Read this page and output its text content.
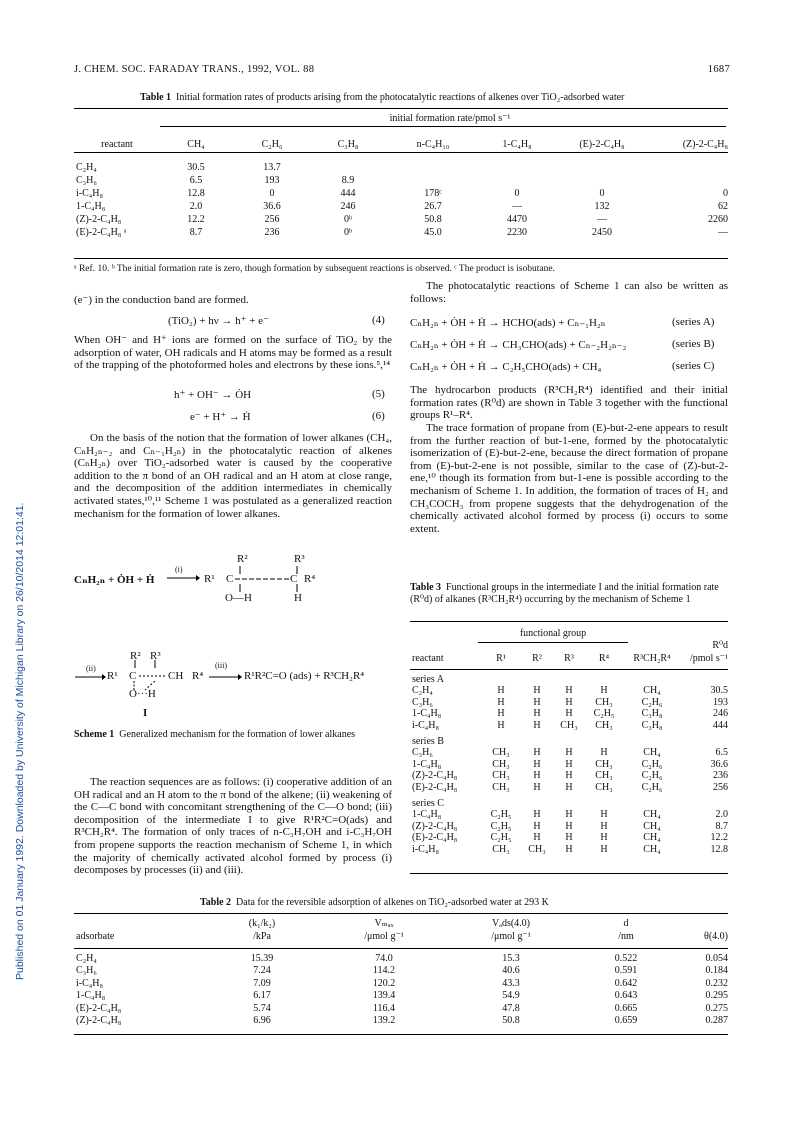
Published on 01 January 1992. Downloaded by University of Michigan Library on 26/10/2014 12:01:41.
J. CHEM. SOC. FARADAY TRANS., 1992, VOL. 88	1687
Table 1 Initial formation rates of products arising from the photocatalytic reactions of alkenes over TiO₂-adsorbed water
initial formation rate/pmol s⁻¹
reactant	CH₄	C₂H₆	C₃H₈	n-C₄H₁₀	1-C₄H₈	(E)-2-C₄H₈	(Z)-2-C₄H₈

C₂H₄	30.5	13.7					
C₃H₆	6.5	193	8.9				
i-C₄H₈	12.8	0	444	178ᶜ	0	0	0
1-C₄H₈	2.0	36.6	246	26.7	—	132	62
(Z)-2-C₄H₈	12.2	256	0ᵇ	50.8	4470	—	2260
(E)-2-C₄H₈ ᵃ	8.7	236	0ᵇ	45.0	2230	2450	—
ᵃ Ref. 10. ᵇ The initial formation rate is zero, though formation by subsequent reactions is observed. ᶜ The product is isobutane.
(e⁻) in the conduction band are formed.
(TiO₂) + hν → h⁺ + e⁻	(4)
When OH⁻ and H⁺ ions are formed on the surface of TiO₂ by the adsorption of water, OH radicals and H atoms may be formed as a result of the trapping of the photoformed holes and electrons by these ions.⁵,¹⁴
h⁺ + OH⁻ → ȮH	(5)
e⁻ + H⁺ → Ḣ	(6)
On the basis of the notion that the formation of lower alkanes (CH₄, CₙH₂ₙ₋₂ and Cₙ₋₁H₂ₙ) in the photocatalytic reaction of alkenes (CₙH₂ₙ) over TiO₂-adsorbed water is caused by the cooperative addition to the π bond of an OH radical and an H atom at close range, and the decomposition of the addition intermediates in chemically activated states,¹⁰,¹¹ Scheme 1 was postulated as a generalized reaction mechanism for the formation of lower alkanes.
R²	R³
CₙH₂ₙ + ȮH + Ḣ
(i)
R¹ C	C R⁴
O—H	H
R² R³
(ii)
R¹ C	CH R⁴
(iii)
R¹R²C=O (ads) + R³CH₂R⁴
O···H
I
Scheme 1 Generalized mechanism for the formation of lower alkanes
The reaction sequences are as follows: (i) cooperative addition of an OH radical and an H atom to the π bond of the alkene; (ii) weakening of the C—C bond with concomitant strengthening of the C—O bond; (iii) decomposition of the intermediate I to give R¹R²C=O(ads) and R³CH₂R⁴. The formation of only traces of n-C₃H₇OH and i-C₃H₇OH from propene supports the reaction mechanism of Scheme 1, in which the majority of chemically activated alcohol formed by process (i) decomposes by processes (ii) and (iii).
The photocatalytic reactions of Scheme 1 can also be written as follows:
CₙH₂ₙ + ȮH + Ḣ → HCHO(ads) + Cₙ₋₁H₂ₙ	(series A)
CₙH₂ₙ + ȮH + Ḣ → CH₃CHO(ads) + Cₙ₋₂H₂ₙ₋₂	(series B)
CₙH₂ₙ + ȮH + Ḣ → C₂H₅CHO(ads) + CH₄	(series C)
The hydrocarbon products (R³CH₂R⁴) identified and their initial formation rates (R⁰d) are shown in Table 3 together with the functional groups R¹–R⁴.
The trace formation of propane from (E)-but-2-ene appears to result from the further reaction of but-1-ene, formed by the photocatalytic isomerization of (E)-but-2-ene, because the direct formation of propane from (E)-but-2-ene is not possible, similar to the case of (Z)-but-2-ene,¹⁰ though its formation from but-1-ene is possible according to the mechanism of Scheme 1. In addition, the formation of traces of H₂ and CH₃COCH₃ from propene suggests that the dehydrogenation of the chemically activated alcohol formed by process (i) occurs to some extent.
Table 3 Functional groups in the intermediate I and the initial formation rate (R⁰d) of alkanes (R³CH₂R⁴) occurring by the mechanism of Scheme 1
functional group
R⁰d
reactant	R¹	R²	R³	R⁴	R³CH₂R⁴	/pmol s⁻¹

series A						
C₂H₄	H	H	H	H	CH₄	30.5
C₃H₆	H	H	H	CH₃	C₂H₆	193
1-C₄H₈	H	H	H	C₂H₅	C₃H₈	246
i-C₄H₈	H	H	CH₃	CH₃	C₃H₈	444

series B						
C₃H₆	CH₃	H	H	H	CH₄	6.5
1-C₄H₈	CH₃	H	H	CH₃	C₂H₆	36.6
(Z)-2-C₄H₈	CH₃	H	H	CH₃	C₂H₆	236
(E)-2-C₄H₈	CH₃	H	H	CH₃	C₂H₆	256

series C						
1-C₄H₈	C₂H₅	H	H	H	CH₄	2.0
(Z)-2-C₄H₈	C₂H₅	H	H	H	CH₄	8.7
(E)-2-C₄H₈	C₂H₅	H	H	H	CH₄	12.2
i-C₄H₈	CH₃	CH₃	H	H	CH₄	12.8
Table 2 Data for the reversible adsorption of alkenes on TiO₂-adsorbed water at 293 K
	(k₁/k₂)	Vₘₐₓ	Vₐds(4.0)	d	
adsorbate	/kPa	/μmol g⁻¹	/μmol g⁻¹	/nm	θ(4.0)

C₂H₄	15.39	74.0	15.3	0.522	0.054
C₃H₆	7.24	114.2	40.6	0.591	0.184
i-C₄H₈	7.09	120.2	43.3	0.642	0.232
1-C₄H₈	6.17	139.4	54.9	0.643	0.295
(E)-2-C₄H₈	5.74	116.4	47.8	0.665	0.275
(Z)-2-C₄H₈	6.96	139.2	50.8	0.659	0.287
